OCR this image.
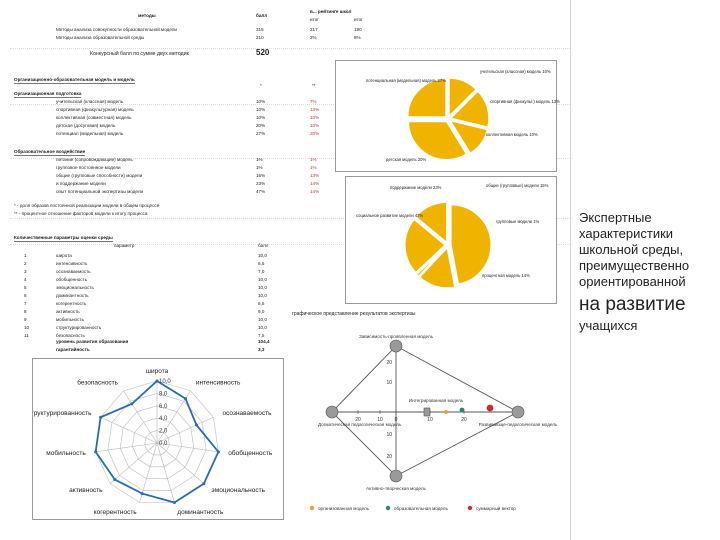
методы	балл
в... рейтинге школ
итог	итог
Методы анализа совокупности образовательной модели	315	217	190
Методы анализа образовательной среды	210	2%	8%
Конкурсный балл по сумме двух методик	520
Организационно-образовательная модель и модель
*	**
Организационная подготовка
учительская (классная) модель	10%	7%
спортивная (физкультурная) модель	10%	13%
коллективная (совместная) модель	10%	10%
детская (досуговая) модель	20%	10%
потенциал (модельная) модель	27%	20%
Образовательное воздействие
питание (сопровождающие) модель	1%	1%
групповое постоянное модели	1%	1%
общие (групповые способности) модели	15%	13%
и поддержание модели	23%	14%
опыт потенциальной экспертизы модели	47%	14%
* - доля образов постоянной реализации модели в общем процессе
** - процентное отношение факторов модели к итогу процесса
Количественные параметры оценки среды
параметр	балл
уровень развития образования	104,4
гарантийность	3,3
потенциальная (модельная) модель 27%
учительская (классная) модель 10%
спортивная (физкульт.) модель 13%
коллективная модель 10%
детская модель 20%
социальное развитие модели 47%
общие (групповые) модели 15%
групповые модели 1%
поддержание модели 23%
процентная модель 14%
широта
интенсивность
осознаваемость
обобщенность
эмоциональность
доминантность
когерентность
активность
мобильность
структурированность
безопасность
0,0
2,0
4,0
6,0
8,0
10,0
графическое представление результатов экспертизы
20	10 0	10	20
20
10
10
20
Зависимость-проявленная модель
Активно-творческая модель
Догматическая педагогическая модель	Развивающе-педагогическая модель
Интегрированная модель
организованная модель	образовательная модель	суммарный вектор
1	широта	10,0
2	интенсивность	8,5
3	осознаваемость	7,0
4	обобщенность	10,0
5	эмоциональность	10,0
6	доминантность	10,0
7	когерентность	8,5
8	активность	9,0
9	мобильность	10,0
10	структурированность	10,0
11	безопасность	7,5
Экспертные
характеристики
школьной среды,
преимущественно
ориентированной
на развитие
учащихся
